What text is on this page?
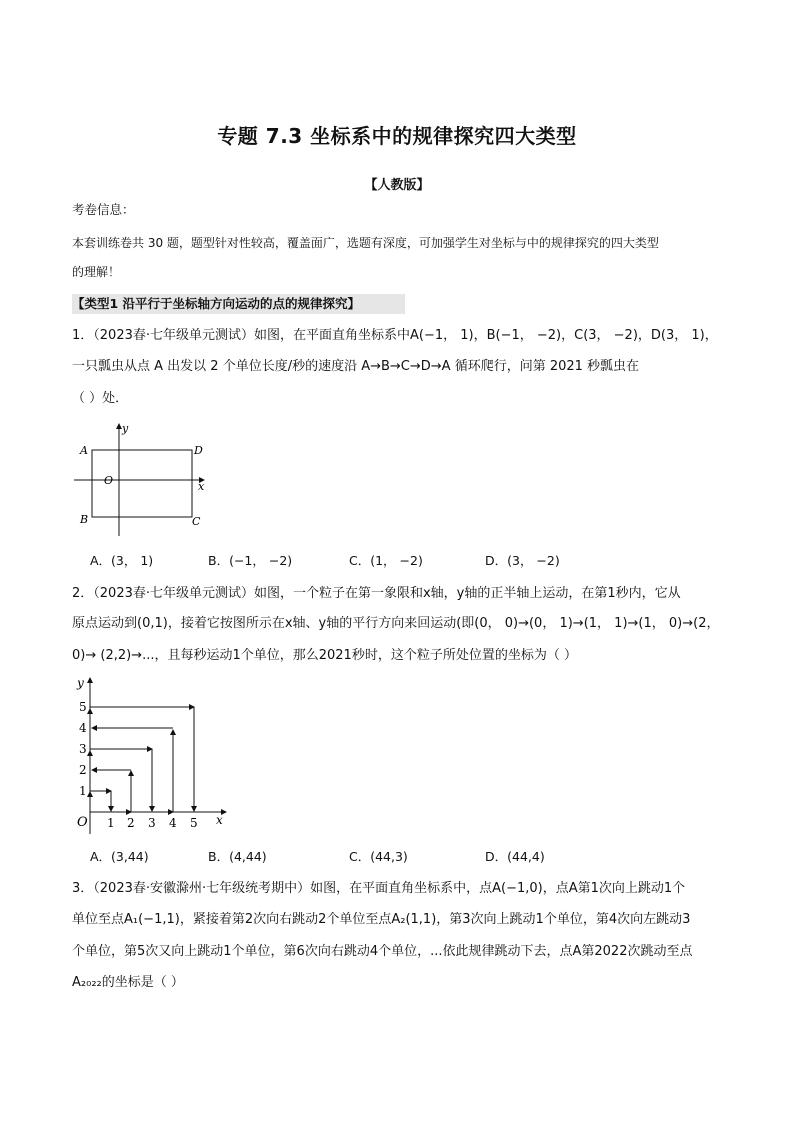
专题 7.3 坐标系中的规律探究四大类型
【人教版】
考卷信息：
本套训练卷共 30 题，题型针对性较高，覆盖面广，选题有深度，可加强学生对坐标与中的规律探究的四大类型
的理解！
【类型1 沿平行于坐标轴方向运动的点的规律探究】
1．（2023春·七年级单元测试）如图，在平面直角坐标系中A(−1， 1)，B(−1， −2)，C(3， −2)，D(3， 1)，
一只瓢虫从点 A 出发以 2 个单位长度/秒的速度沿 A→B→C→D→A 循环爬行，问第 2021 秒瓢虫在
（ ）处．
A	D
B	C
O	x
y
A．(3， 1)	B．(−1， −2)	C．(1， −2)	D．(3， −2)
2．（2023春·七年级单元测试）如图，一个粒子在第一象限和x轴，y轴的正半轴上运动，在第1秒内，它从
原点运动到(0,1)，接着它按图所示在x轴、y轴的平行方向来回运动(即(0， 0)→(0， 1)→(1， 1)→(1， 0)→(2，
0)→ (2,2)→...，且每秒运动1个单位，那么2021秒时，这个粒子所处位置的坐标为（ ）
y
x
O 1 2 3 4 5
1
2
3
4
5
A．(3,44)	B．(4,44)	C．(44,3)	D．(44,4)
3．（2023春·安徽滁州·七年级统考期中）如图，在平面直角坐标系中，点A(−1,0)，点A第1次向上跳动1个
单位至点A₁(−1,1)，紧接着第2次向右跳动2个单位至点A₂(1,1)，第3次向上跳动1个单位，第4次向左跳动3
个单位，第5次又向上跳动1个单位，第6次向右跳动4个单位，...依此规律跳动下去，点A第2022次跳动至点
A₂₀₂₂的坐标是（ ）
